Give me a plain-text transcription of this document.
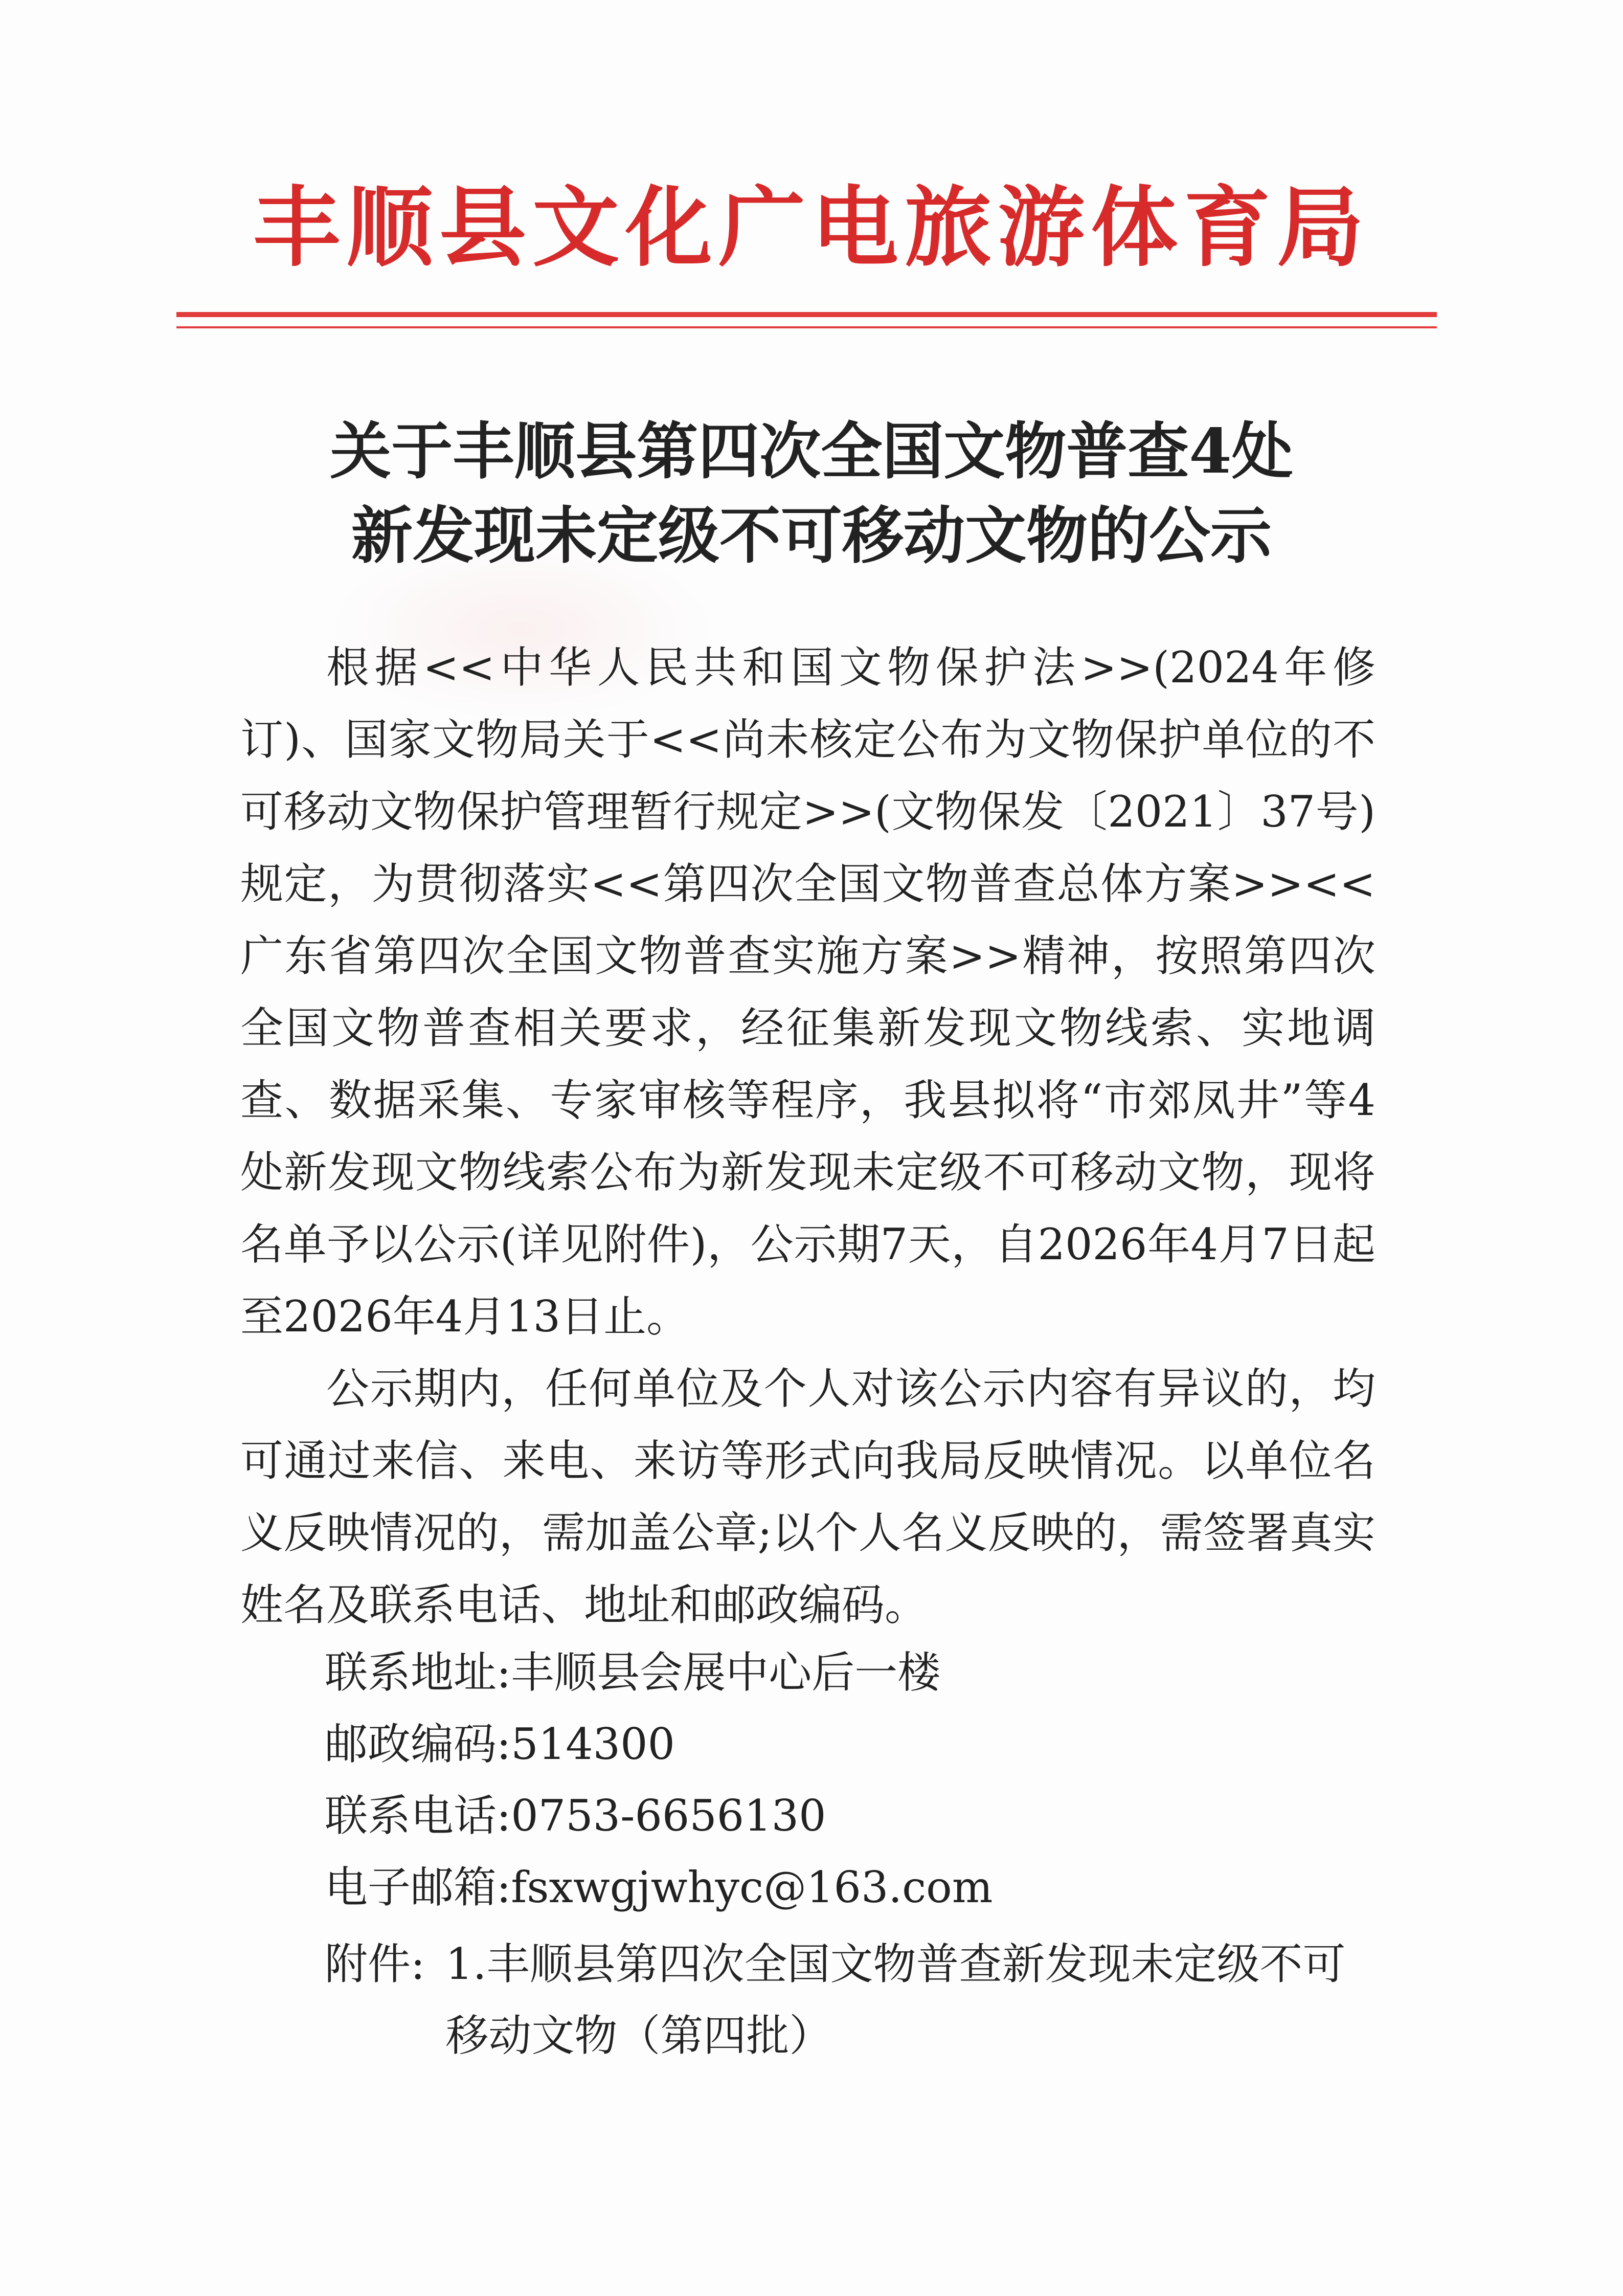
丰顺县文化广电旅游体育局
关于丰顺县第四次全国文物普查4处
新发现未定级不可移动文物的公示

根据<<中华人民共和国文物保护法>>(2024年修订)、国家文物局关于<<尚未核定公布为文物保护单位的不可移动文物保护管理暂行规定>>(文物保发〔2021〕37号)规定，为贯彻落实<<第四次全国文物普查总体方案>><<广东省第四次全国文物普查实施方案>>精神，按照第四次全国文物普查相关要求，经征集新发现文物线索、实地调查、数据采集、专家审核等程序，我县拟将“市郊凤井”等4处新发现文物线索公布为新发现未定级不可移动文物，现将名单予以公示(详见附件)，公示期7天，自2026年4月7日起至2026年4月13日止。

公示期内，任何单位及个人对该公示内容有异议的，均可通过来信、来电、来访等形式向我局反映情况。以单位名义反映情况的，需加盖公章;以个人名义反映的，需签署真实姓名及联系电话、地址和邮政编码。

联系地址:丰顺县会展中心后一楼
邮政编码:514300
联系电话:0753-6656130
电子邮箱:fsxwgjwhyc@163.com
附件: 1.丰顺县第四次全国文物普查新发现未定级不可移动文物（第四批）
